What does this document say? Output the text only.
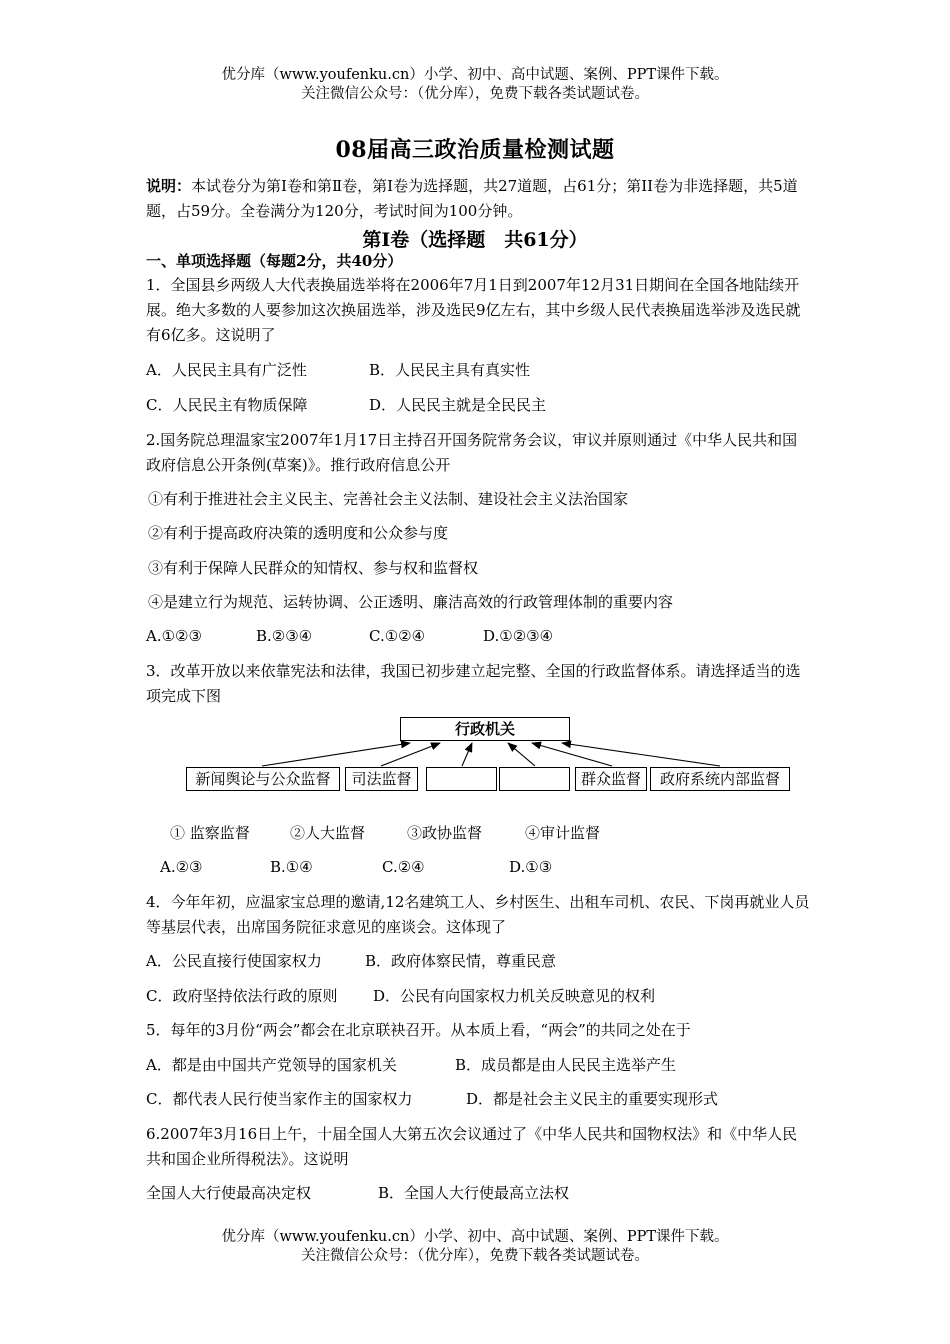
优分库（www.youfenku.cn）小学、初中、高中试题、案例、PPT课件下载。
关注微信公众号：（优分库），免费下载各类试题试卷。
08届高三政治质量检测试题
说明：本试卷分为第Ⅰ卷和第Ⅱ卷，第Ⅰ卷为选择题，共27道题，占61分；第ⅠⅠ卷为非选择题，共5道题，占59分。全卷满分为120分，考试时间为100分钟。
第Ⅰ卷（选择题　共61分）
一、单项选择题（每题2分，共40分）
1．全国县乡两级人大代表换届选举将在2006年7月1日到2007年12月31日期间在全国各地陆续开展。绝大多数的人要参加这次换届选举，涉及选民9亿左右，其中乡级人民代表换届选举涉及选民就有6亿多。这说明了
A．人民民主具有广泛性	B．人民民主具有真实性
C．人民民主有物质保障	D．人民民主就是全民民主
2.国务院总理温家宝2007年1月17日主持召开国务院常务会议，审议并原则通过《中华人民共和国政府信息公开条例(草案)》。推行政府信息公开
①有利于推进社会主义民主、完善社会主义法制、建设社会主义法治国家
②有利于提高政府决策的透明度和公众参与度
③有利于保障人民群众的知情权、参与权和监督权
④是建立行为规范、运转协调、公正透明、廉洁高效的行政管理体制的重要内容
A.①②③	B.②③④	C.①②④	D.①②③④
3．改革开放以来依靠宪法和法律，我国已初步建立起完整、全国的行政监督体系。请选择适当的选项完成下图
行政机关
新闻舆论与公众监督	司法监督	群众监督	政府系统内部监督
① 监察监督	②人大监督	③政协监督	④审计监督
A.②③	B.①④	C.②④	D.①③
4．今年年初，应温家宝总理的邀请,12名建筑工人、乡村医生、出租车司机、农民、下岗再就业人员等基层代表，出席国务院征求意见的座谈会。这体现了
A．公民直接行使国家权力	B．政府体察民情，尊重民意
C．政府坚持依法行政的原则 D．公民有向国家权力机关反映意见的权利
5．每年的3月份“两会”都会在北京联袂召开。从本质上看，“两会”的共同之处在于
A．都是由中国共产党领导的国家机关	B．成员都是由人民民主选举产生
C．都代表人民行使当家作主的国家权力	D．都是社会主义民主的重要实现形式
6.2007年3月16日上午，十届全国人大第五次会议通过了《中华人民共和国物权法》和《中华人民共和国企业所得税法》。这说明
全国人大行使最高决定权	B．全国人大行使最高立法权
优分库（www.youfenku.cn）小学、初中、高中试题、案例、PPT课件下载。
关注微信公众号：（优分库），免费下载各类试题试卷。
